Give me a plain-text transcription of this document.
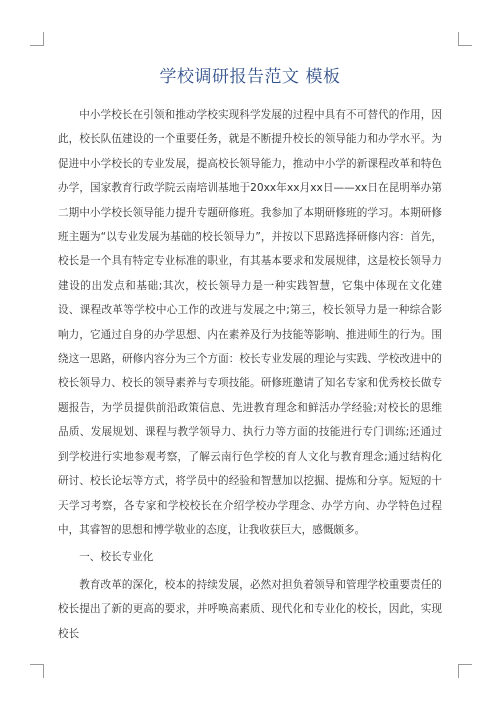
学校调研报告范文 模板

中小学校长在引领和推动学校实现科学发展的过程中具有不可替代的作用，因此，校长队伍建设的一个重要任务，就是不断提升校长的领导能力和办学水平。为促进中小学校长的专业发展，提高校长领导能力，推动中小学的新课程改革和特色办学，国家教育行政学院云南培训基地于20xx年xx月xx日——xx日在昆明举办第二期中小学校长领导能力提升专题研修班。我参加了本期研修班的学习。本期研修班主题为“以专业发展为基础的校长领导力”，并按以下思路选择研修内容：首先，校长是一个具有特定专业标准的职业，有其基本要求和发展规律，这是校长领导力建设的出发点和基础;其次，校长领导力是一种实践智慧，它集中体现在文化建设、课程改革等学校中心工作的改进与发展之中;第三，校长领导力是一种综合影响力，它通过自身的办学思想、内在素养及行为技能等影响、推进师生的行为。围绕这一思路，研修内容分为三个方面：校长专业发展的理论与实践、学校改进中的校长领导力、校长的领导素养与专项技能。研修班邀请了知名专家和优秀校长做专题报告，为学员提供前沿政策信息、先进教育理念和鲜活办学经验;对校长的思维品质、发展规划、课程与教学领导力、执行力等方面的技能进行专门训练;还通过到学校进行实地参观考察，了解云南行色学校的育人文化与教育理念;通过结构化研讨、校长论坛等方式，将学员中的经验和智慧加以挖掘、提炼和分享。短短的十天学习考察，各专家和学校校长在介绍学校办学理念、办学方向、办学特色过程中，其睿智的思想和博学敬业的态度，让我收获巨大，感慨颇多。

一、校长专业化

教育改革的深化，校本的持续发展，必然对担负着领导和管理学校重要责任的校长提出了新的更高的要求，并呼唤高素质、现代化和专业化的校长，因此，实现校长
